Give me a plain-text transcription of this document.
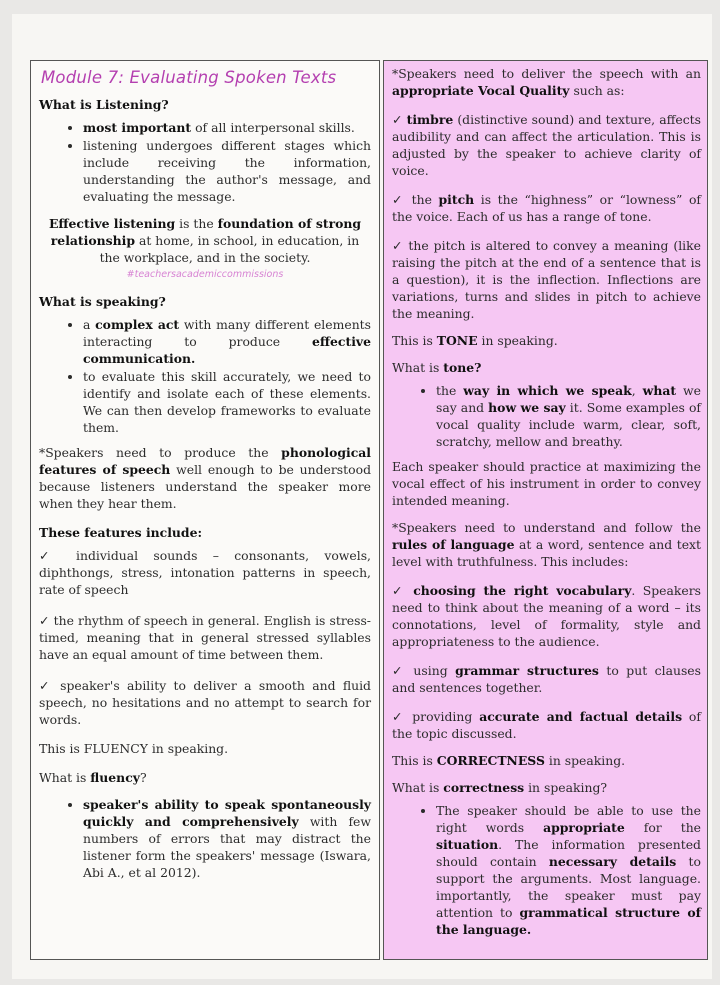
Module 7: Evaluating Spoken Texts

What is Listening?

• most important of all interpersonal skills.
• listening undergoes different stages which include receiving the information, understanding the author's message, and evaluating the message.

Effective listening is the foundation of strong relationship at home, in school, in education, in the workplace, and in the society.

#teachersacademiccommissions

What is speaking?

• a complex act with many different elements interacting to produce effective communication.
• to evaluate this skill accurately, we need to identify and isolate each of these elements. We can then develop frameworks to evaluate them.

*Speakers need to produce the phonological features of speech well enough to be understood because listeners understand the speaker more when they hear them.

These features include:

✓ individual sounds – consonants, vowels, diphthongs, stress, intonation patterns in speech, rate of speech

✓ the rhythm of speech in general. English is stress-timed, meaning that in general stressed syllables have an equal amount of time between them.

✓ speaker's ability to deliver a smooth and fluid speech, no hesitations and no attempt to search for words.

This is FLUENCY in speaking.

What is fluency?

• speaker's ability to speak spontaneously quickly and comprehensively with few numbers of errors that may distract the listener form the speakers' message (Iswara, Abi A., et al 2012).

*Speakers need to deliver the speech with an appropriate Vocal Quality such as:

✓ timbre (distinctive sound) and texture, affects audibility and can affect the articulation. This is adjusted by the speaker to achieve clarity of voice.

✓ the pitch is the “highness” or “lowness” of the voice. Each of us has a range of tone.

✓ the pitch is altered to convey a meaning (like raising the pitch at the end of a sentence that is a question), it is the inflection. Inflections are variations, turns and slides in pitch to achieve the meaning.

This is TONE in speaking.

What is tone?

• the way in which we speak, what we say and how we say it. Some examples of vocal quality include warm, clear, soft, scratchy, mellow and breathy.

Each speaker should practice at maximizing the vocal effect of his instrument in order to convey intended meaning.

*Speakers need to understand and follow the rules of language at a word, sentence and text level with truthfulness. This includes:

✓ choosing the right vocabulary. Speakers need to think about the meaning of a word – its connotations, level of formality, style and appropriateness to the audience.

✓ using grammar structures to put clauses and sentences together.

✓ providing accurate and factual details of the topic discussed.

This is CORRECTNESS in speaking.

What is correctness in speaking?

• The speaker should be able to use the right words appropriate for the situation. The information presented should contain necessary details to support the arguments. Most language. importantly, the speaker must pay attention to grammatical structure of the language.
